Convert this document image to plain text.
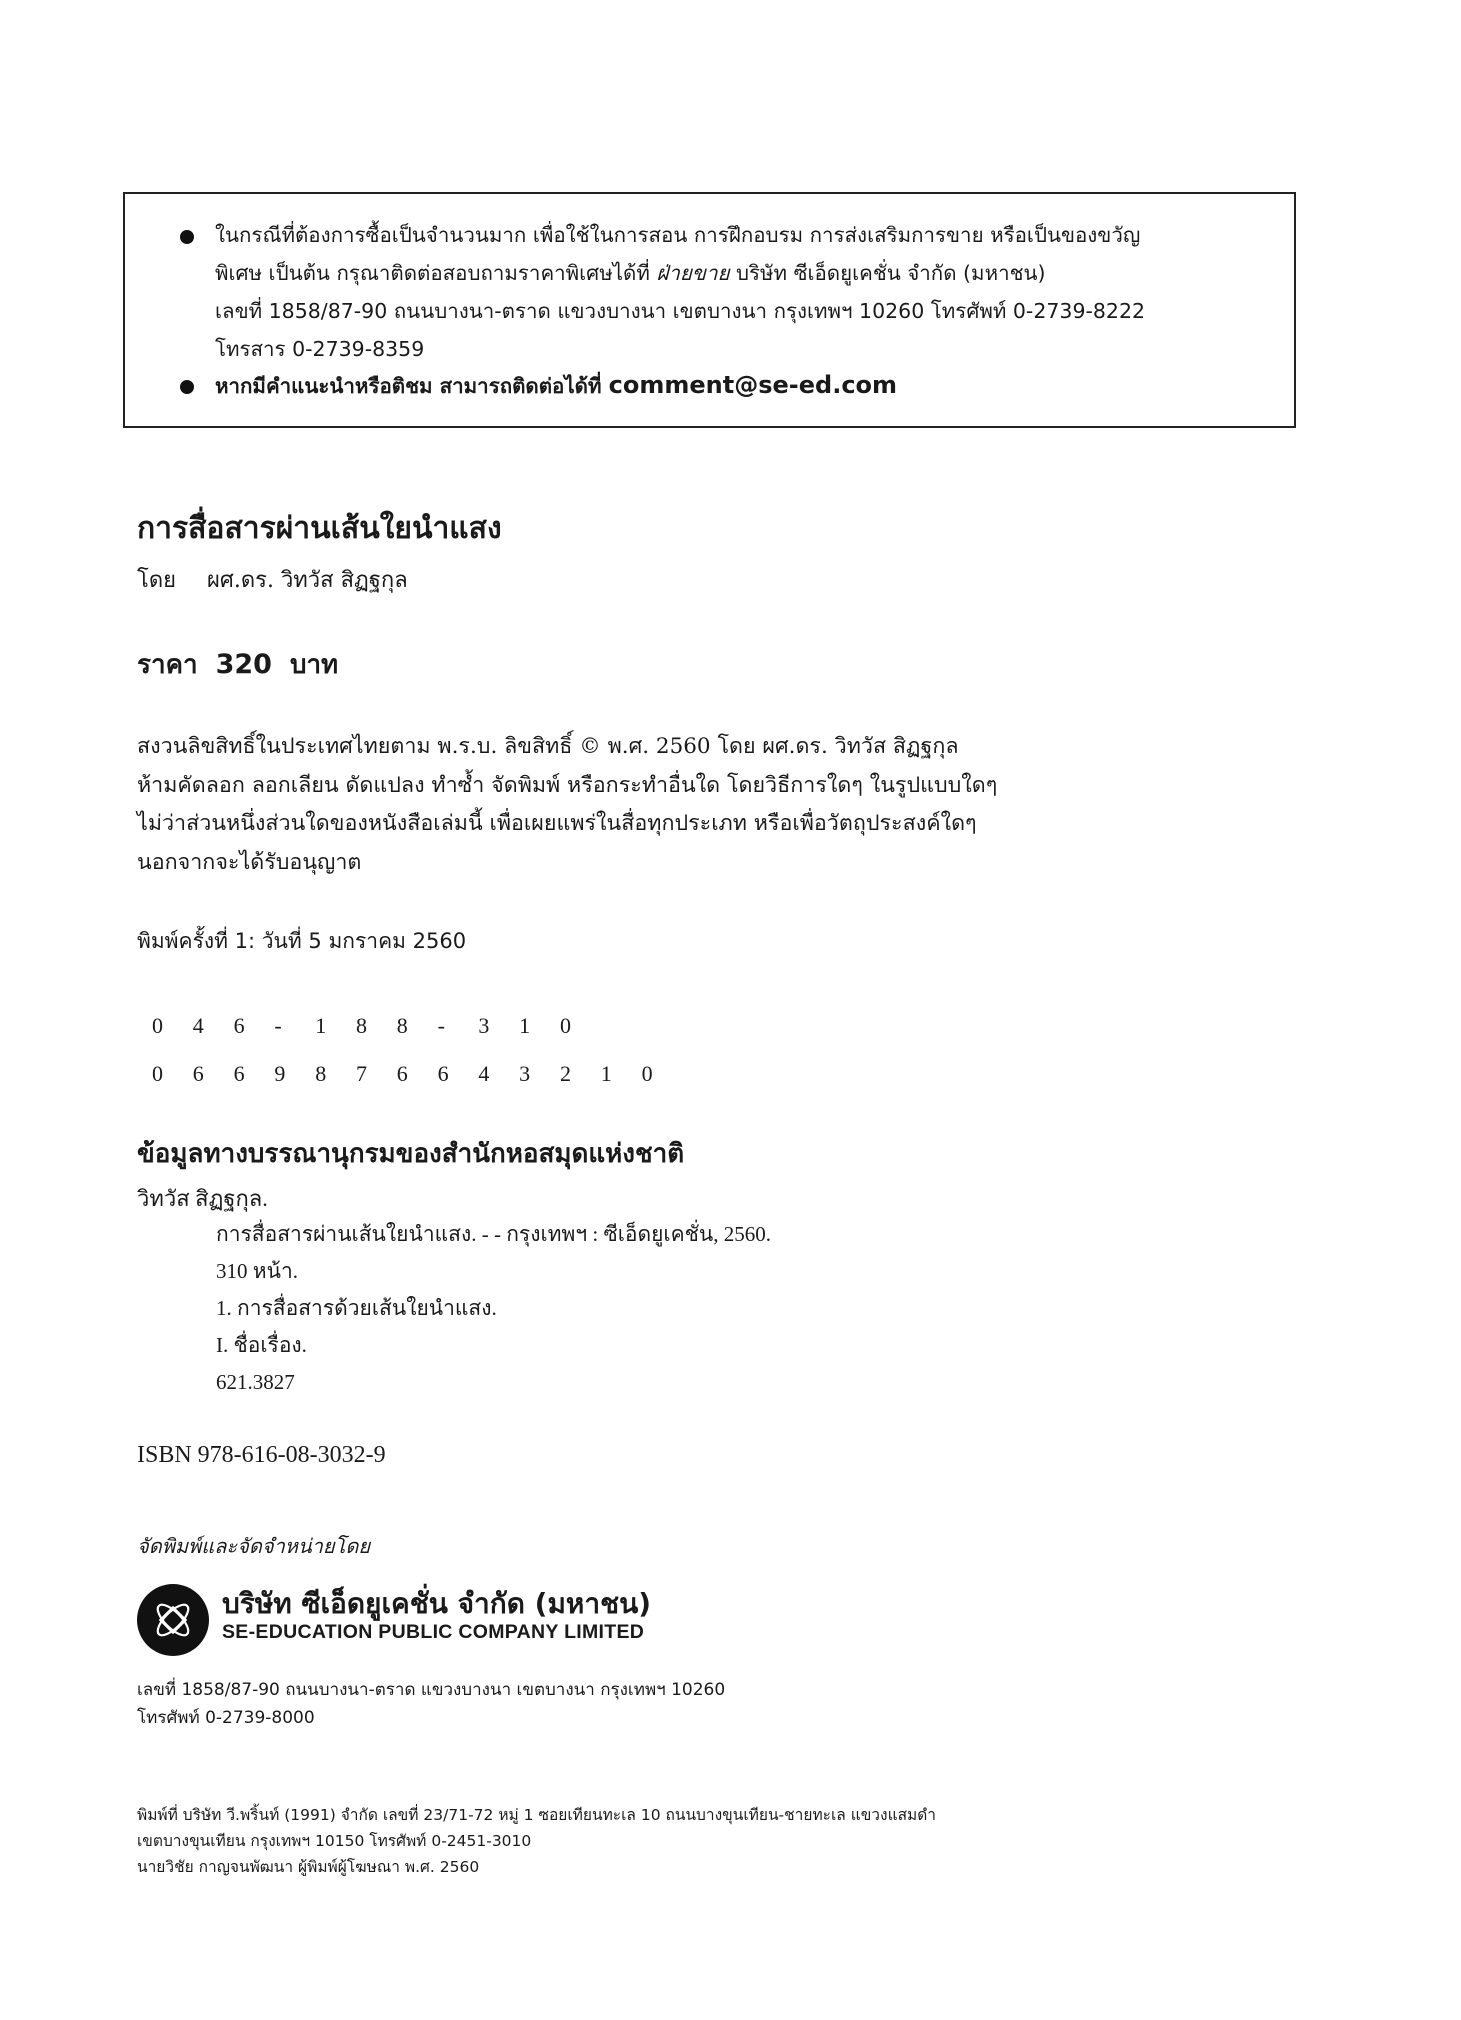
ในกรณีที่ต้องการซื้อเป็นจำนวนมาก เพื่อใช้ในการสอน การฝึกอบรม การส่งเสริมการขาย หรือเป็นของขวัญ
พิเศษ เป็นต้น กรุณาติดต่อสอบถามราคาพิเศษได้ที่ ฝ่ายขาย บริษัท ซีเอ็ดยูเคชั่น จำกัด (มหาชน)
เลขที่ 1858/87-90 ถนนบางนา-ตราด แขวงบางนา เขตบางนา กรุงเทพฯ 10260 โทรศัพท์ 0-2739-8222
โทรสาร 0-2739-8359
หากมีคำแนะนำหรือติชม สามารถติดต่อได้ที่ comment@se-ed.com
การสื่อสารผ่านเส้นใยนำแสง
โดย ผศ.ดร. วิทวัส สิฏฐกุล
ราคา 320 บาท
สงวนลิขสิทธิ์ในประเทศไทยตาม พ.ร.บ. ลิขสิทธิ์ © พ.ศ. 2560 โดย ผศ.ดร. วิทวัส สิฏฐกุล
ห้ามคัดลอก ลอกเลียน ดัดแปลง ทำซ้ำ จัดพิมพ์ หรือกระทำอื่นใด โดยวิธีการใดๆ ในรูปแบบใดๆ
ไม่ว่าส่วนหนึ่งส่วนใดของหนังสือเล่มนี้ เพื่อเผยแพร่ในสื่อทุกประเภท หรือเพื่อวัตถุประสงค์ใดๆ
นอกจากจะได้รับอนุญาต
พิมพ์ครั้งที่ 1: วันที่ 5 มกราคม 2560
0 4 6 - 1 8 8 - 3 1 0
0 6 6 9 8 7 6 6 4 3 2 1 0
ข้อมูลทางบรรณานุกรมของสำนักหอสมุดแห่งชาติ
วิทวัส สิฏฐกุล.
การสื่อสารผ่านเส้นใยนำแสง. - - กรุงเทพฯ : ซีเอ็ดยูเคชั่น, 2560.
310 หน้า.
1. การสื่อสารด้วยเส้นใยนำแสง.
I. ชื่อเรื่อง.
621.3827
ISBN 978-616-08-3032-9
จัดพิมพ์และจัดจำหน่ายโดย
บริษัท ซีเอ็ดยูเคชั่น จำกัด (มหาชน)
SE-EDUCATION PUBLIC COMPANY LIMITED
เลขที่ 1858/87-90 ถนนบางนา-ตราด แขวงบางนา เขตบางนา กรุงเทพฯ 10260
โทรศัพท์ 0-2739-8000
พิมพ์ที่ บริษัท วี.พริ้นท์ (1991) จำกัด เลขที่ 23/71-72 หมู่ 1 ซอยเทียนทะเล 10 ถนนบางขุนเทียน-ชายทะเล แขวงแสมดำ
เขตบางขุนเทียน กรุงเทพฯ 10150 โทรศัพท์ 0-2451-3010
นายวิชัย กาญจนพัฒนา ผู้พิมพ์ผู้โฆษณา พ.ศ. 2560
